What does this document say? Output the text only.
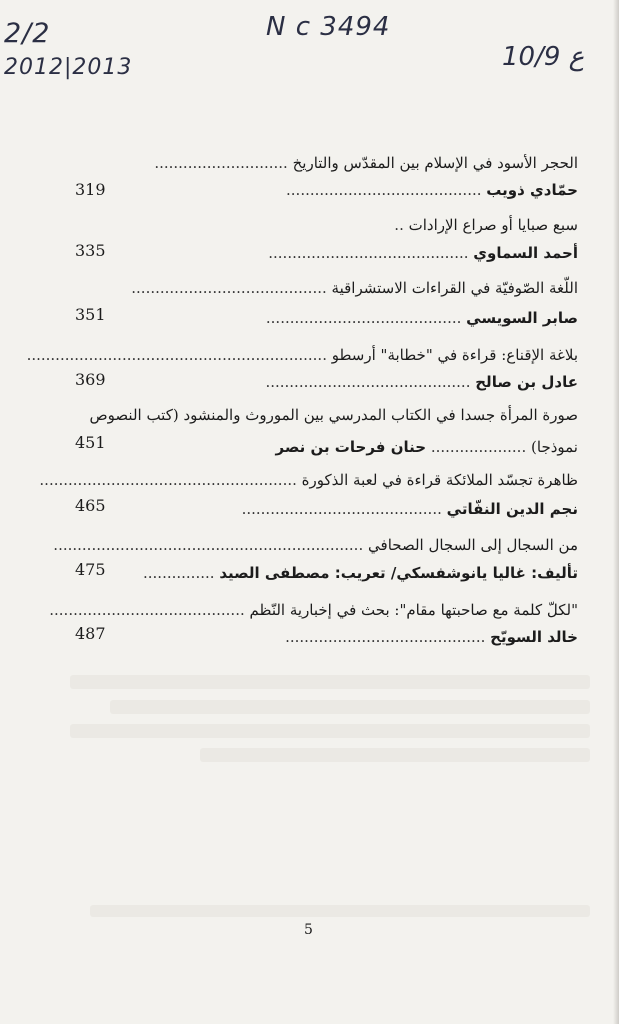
2/2
2012|2013
N c 3494
10/9 ع
الحجر الأسود في الإسلام بين المقدّس والتاريخ ............................
حمّادي ذويب .........................................
319
سبع صبايا أو صراع الإرادات ..
أحمد السماوي ..........................................
335
اللّغة الصّوفيّة في القراءات الاستشراقية .........................................
صابر السويسي .........................................
351
بلاغة الإقناع: قراءة في "خطابة" أرسطو ...............................................................
عادل بن صالح ...........................................
369
صورة المرأة جسدا في الكتاب المدرسي بين الموروث والمنشود (كتب النصوص
نموذجا) .................... حنان فرحات بن نصر
451
ظاهرة تجسّد الملائكة قراءة في لعبة الذكورة ......................................................
نجم الدين النفّاتي ..........................................
465
من السجال إلى السجال الصحافي .................................................................
تأليف: غاليا يانوشفسكي/ تعريب: مصطفى الصيد ...............
475
"لكلّ كلمة مع صاحبتها مقام": بحث في إخبارية النّظم .........................................
خالد السويّح ..........................................
487
5
